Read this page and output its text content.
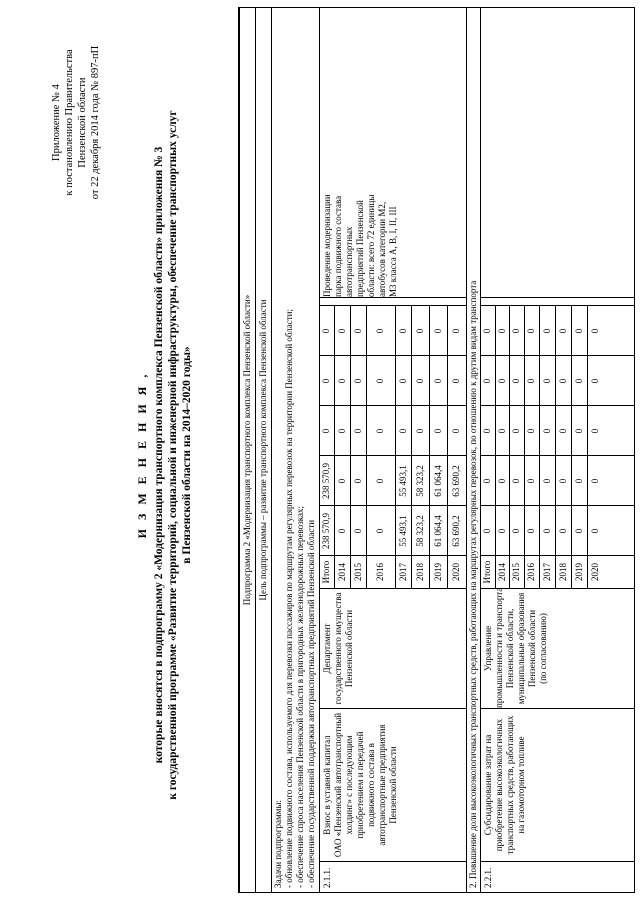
Приложение № 4 к постановлению Правительства Пензенской области от 22 декабря 2014 года № 897-пП
И З М Е Н Е Н И Я , которые вносятся в подпрограмму 2 «Модернизация транспортного комплекса Пензенской области» приложения № 3 к государственной программе «Развитие территорий, социальной и инженерной инфраструктуры, обеспечение транспортных услуг в Пензенской области на 2014–2020 годы»	Подпрограмма 2 «Модернизация транспортного комплекса Пензенской области» Цель подпрограммы – развитие транспортного комплекса Пензенской области
Задачи подпрограммы: - обновление подвижного состава, используемого для перевозки пассажиров по маршрутам регулярных перевозок на территории Пензенской области; - обеспечение спроса населения Пензенской области в пригородных железнодорожных перевозках; - обеспечение государственной поддержки автотранспортных предприятий Пензенской области	2. Повышение доли высокоэкологичных транспортных средств, работающих на маршрутах регулярных перевозок, по отношению к другим видам транспорта
2.1.1.
Взнос в уставной капитал ОАО «Пензенский автотранспортный холдинг» с последующим приобретением и передачей подвижного состава в автотранспортные предприятия Пензенской области
Департамент государственного имущества Пензенской области
Проведение модернизации парка подвижного состава автотранспортных предприятий Пензенской области: всего 72 единицы автобусов категории М2, М3 класса А, В, I, II, III
2.2.1.
Субсидирование затрат на приобретение высокоэкологичных транспортных средств, работающих на газомоторном топливе
Управление промышленности и транспорта Пензенской области, муниципальные образования Пензенской области (по согласованию)
Итого 2014 2015 2016 2017 2018 2019 2020
238 570,9 0 0 0 55 493,1 58 323,2 61 064,4 63 690,2
238 570,9 0 0 0 55 493,1 58 323,2 61 064,4 63 690,2
0 0 0 0 0 0 0 0
0 0 0 0 0 0 0 0
0 0 0 0 0 0 0 0
Итого 2014 2015 2016 2017 2018 2019 2020
0 0 0 0 0 0 0 0
0 0 0 0 0 0 0 0
0 0 0 0 0 0 0 0
0 0 0 0 0 0 0 0
0 0 0 0 0 0 0 0
